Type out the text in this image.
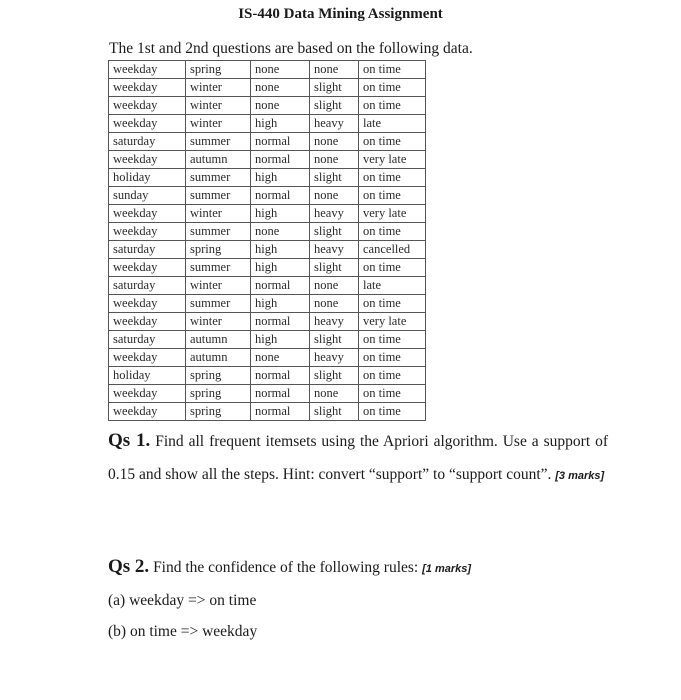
IS-440 Data Mining Assignment
The 1st and 2nd questions are based on the following data.
weekday	spring	none	none	on time
weekday	winter	none	slight	on time
weekday	winter	none	slight	on time
weekday	winter	high	heavy	late
saturday	summer	normal	none	on time
weekday	autumn	normal	none	very late
holiday	summer	high	slight	on time
sunday	summer	normal	none	on time
weekday	winter	high	heavy	very late
weekday	summer	none	slight	on time
saturday	spring	high	heavy	cancelled
weekday	summer	high	slight	on time
saturday	winter	normal	none	late
weekday	summer	high	none	on time
weekday	winter	normal	heavy	very late
saturday	autumn	high	slight	on time
weekday	autumn	none	heavy	on time
holiday	spring	normal	slight	on time
weekday	spring	normal	none	on time
weekday	spring	normal	slight	on time
Qs 1. Find all frequent itemsets using the Apriori algorithm. Use a support of 0.15 and show all the steps. Hint: convert “support” to “support count”. [3 marks]
Qs 2. Find the confidence of the following rules: [1 marks]
(a) weekday => on time
(b) on time => weekday
